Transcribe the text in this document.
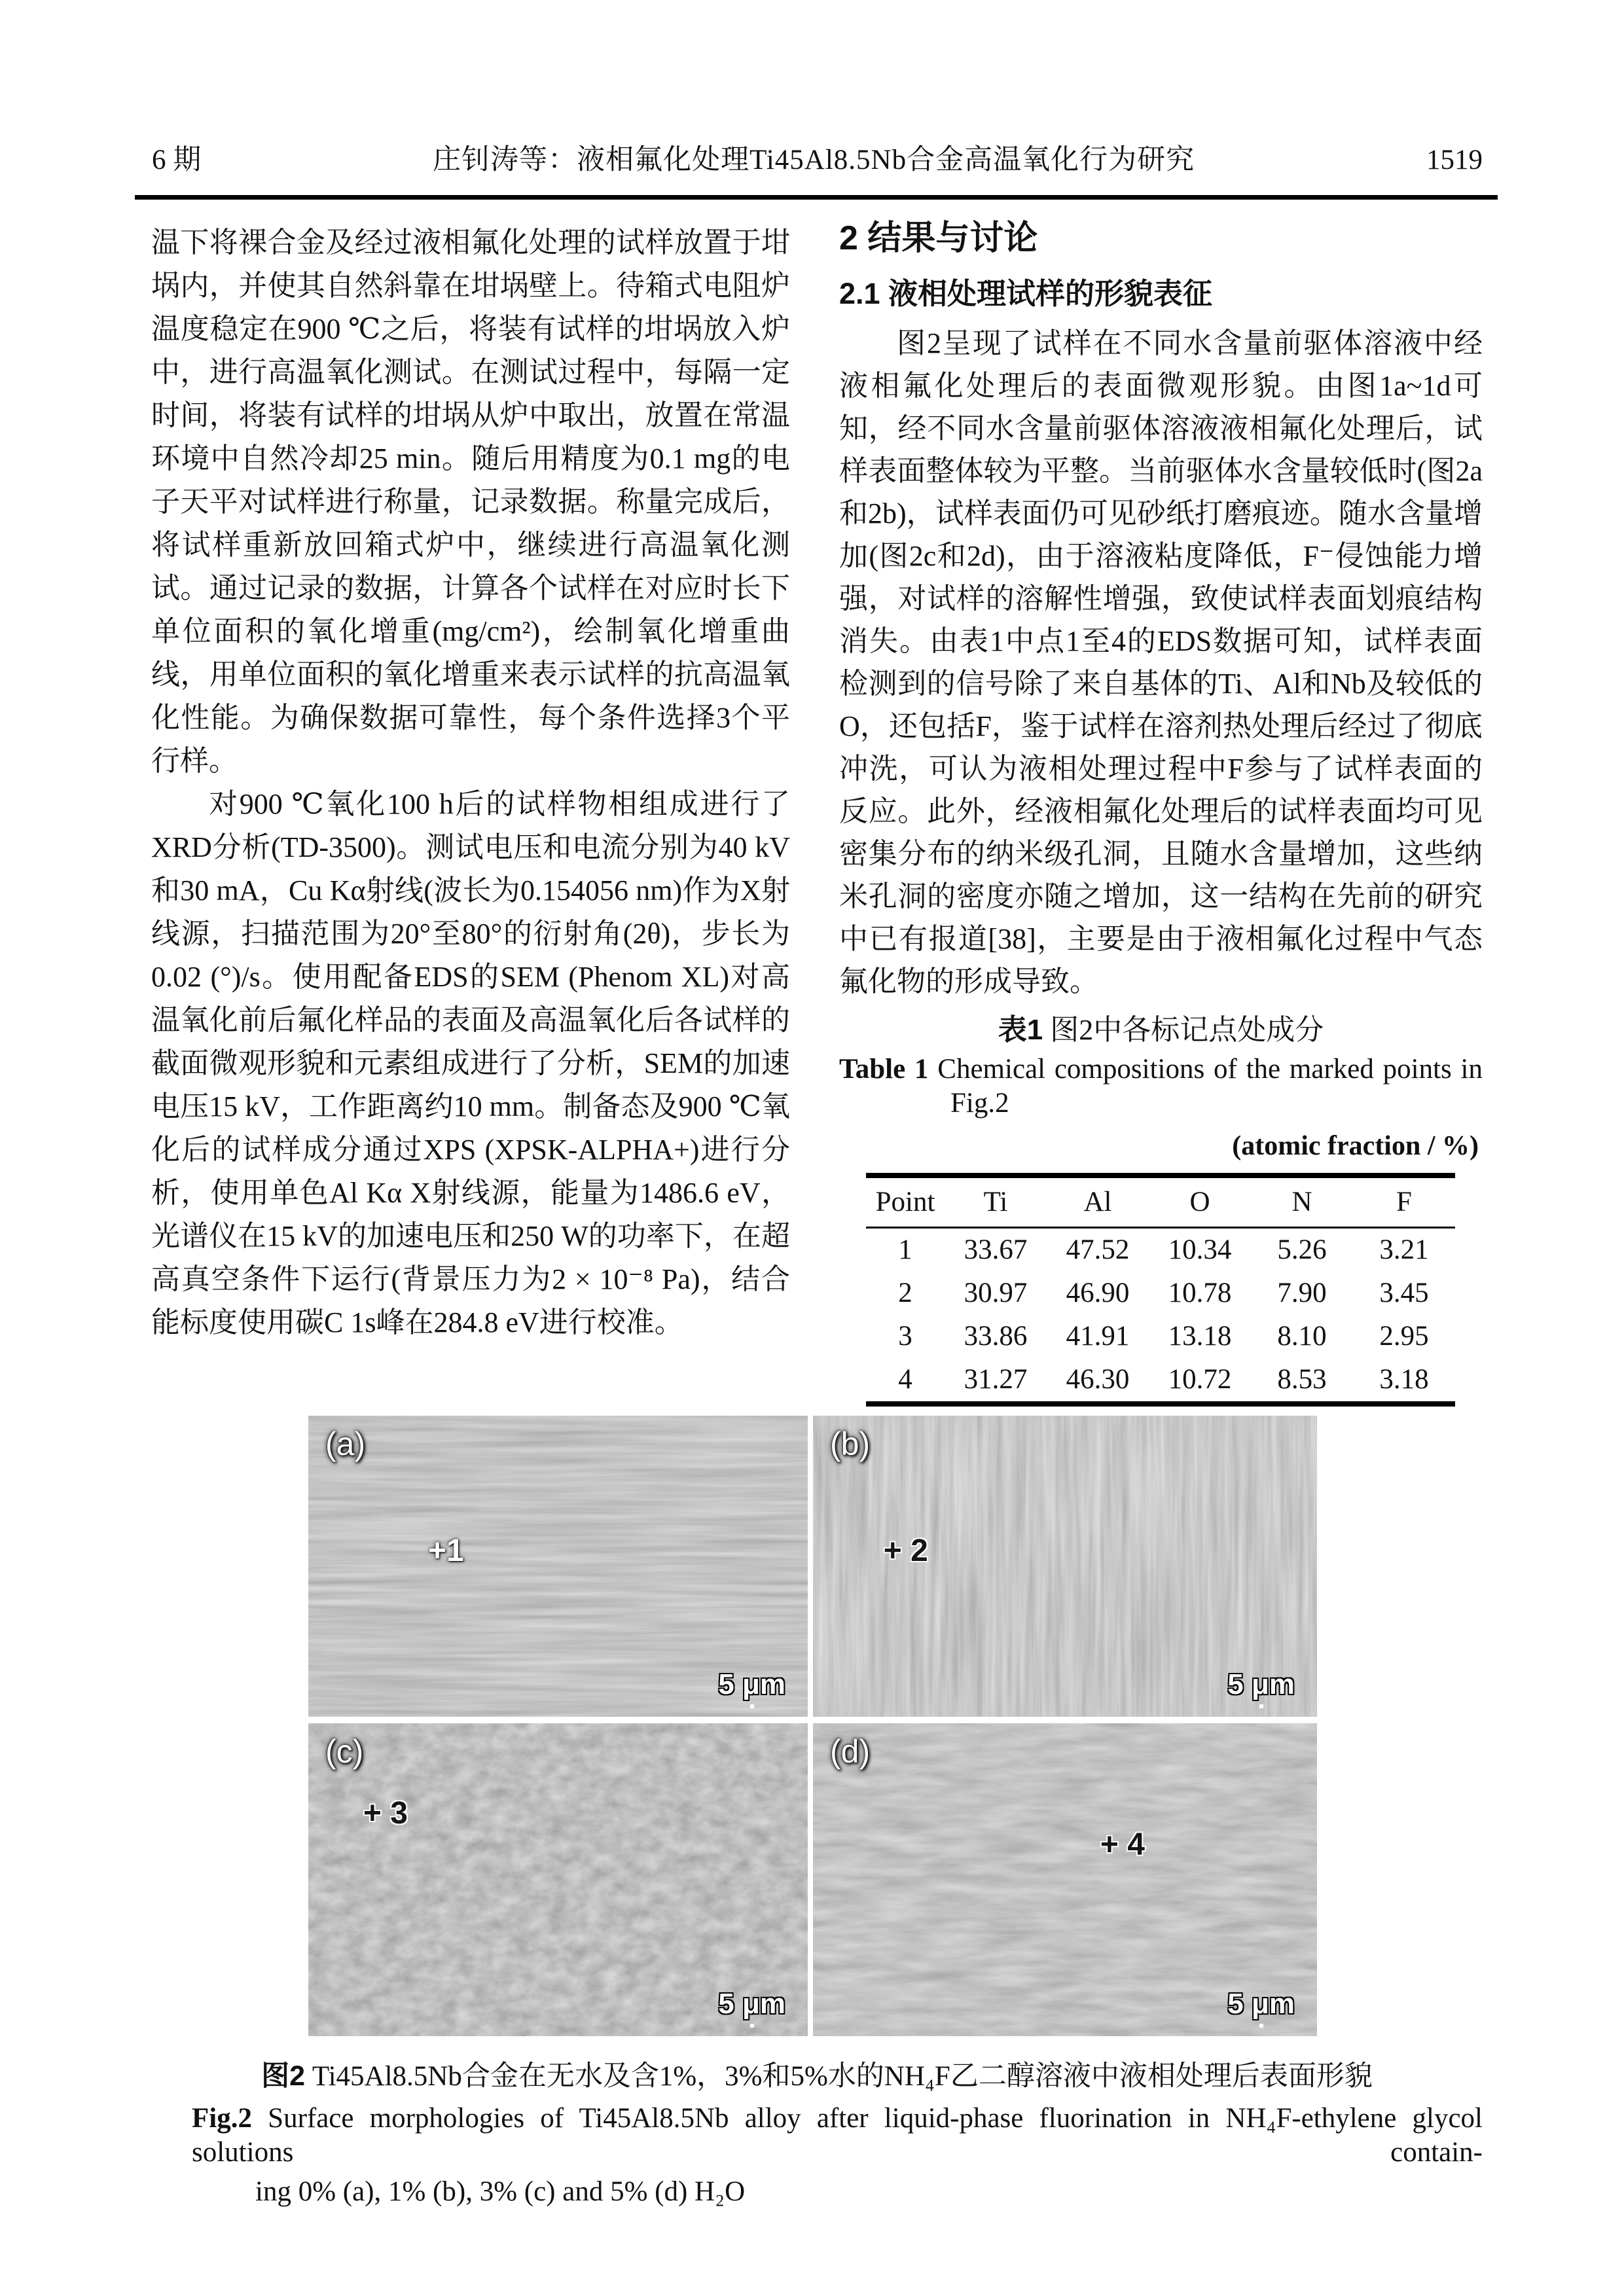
6 期	庄钊涛等：液相氟化处理Ti45Al8.5Nb合金高温氧化行为研究	1519

温下将裸合金及经过液相氟化处理的试样放置于坩埚内，并使其自然斜靠在坩埚壁上。待箱式电阻炉温度稳定在900 ℃之后，将装有试样的坩埚放入炉中，进行高温氧化测试。在测试过程中，每隔一定时间，将装有试样的坩埚从炉中取出，放置在常温环境中自然冷却25 min。随后用精度为0.1 mg的电子天平对试样进行称量，记录数据。称量完成后，将试样重新放回箱式炉中，继续进行高温氧化测试。通过记录的数据，计算各个试样在对应时长下单位面积的氧化增重(mg/cm²)，绘制氧化增重曲线，用单位面积的氧化增重来表示试样的抗高温氧化性能。为确保数据可靠性，每个条件选择3个平行样。

对900 ℃氧化100 h后的试样物相组成进行了XRD分析(TD-3500)。测试电压和电流分别为40 kV和30 mA，Cu Kα射线(波长为0.154056 nm)作为X射线源，扫描范围为20°至80°的衍射角(2θ)，步长为0.02 (°)/s。使用配备EDS的SEM (Phenom XL)对高温氧化前后氟化样品的表面及高温氧化后各试样的截面微观形貌和元素组成进行了分析，SEM的加速电压15 kV，工作距离约10 mm。制备态及900 ℃氧化后的试样成分通过XPS (XPSK-ALPHA+)进行分析，使用单色Al Kα X射线源，能量为1486.6 eV，光谱仪在15 kV的加速电压和250 W的功率下，在超高真空条件下运行(背景压力为2 × 10⁻⁸ Pa)，结合能标度使用碳C 1s峰在284.8 eV进行校准。

2 结果与讨论
2.1 液相处理试样的形貌表征

图2呈现了试样在不同水含量前驱体溶液中经液相氟化处理后的表面微观形貌。由图1a~1d可知，经不同水含量前驱体溶液液相氟化处理后，试样表面整体较为平整。当前驱体水含量较低时(图2a和2b)，试样表面仍可见砂纸打磨痕迹。随水含量增加(图2c和2d)，由于溶液粘度降低，F⁻侵蚀能力增强，对试样的溶解性增强，致使试样表面划痕结构消失。由表1中点1至4的EDS数据可知，试样表面检测到的信号除了来自基体的Ti、Al和Nb及较低的O，还包括F，鉴于试样在溶剂热处理后经过了彻底冲洗，可认为液相处理过程中F参与了试样表面的反应。此外，经液相氟化处理后的试样表面均可见密集分布的纳米级孔洞，且随水含量增加，这些纳米孔洞的密度亦随之增加，这一结构在先前的研究中已有报道[38]，主要是由于液相氟化过程中气态氟化物的形成导致。

表1 图2中各标记点处成分
Table 1 Chemical compositions of the marked points in
Fig.2
(atomic fraction / %)
Point	Ti	Al	O	N	F
1	33.67	47.52	10.34	5.26	3.21
2	30.97	46.90	10.78	7.90	3.45
3	33.86	41.91	13.18	8.10	2.95
4	31.27	46.30	10.72	8.53	3.18
(a)
+1
5 μm
(b)
+ 2
5 μm
(c)
+ 3
5 μm
(d)
+ 4
5 μm
图2 Ti45Al8.5Nb合金在无水及含1%，3%和5%水的NH₄F乙二醇溶液中液相处理后表面形貌
Fig.2 Surface morphologies of Ti45Al8.5Nb alloy after liquid-phase fluorination in NH₄F-ethylene glycol solutions contain-
ing 0% (a), 1% (b), 3% (c) and 5% (d) H₂O
